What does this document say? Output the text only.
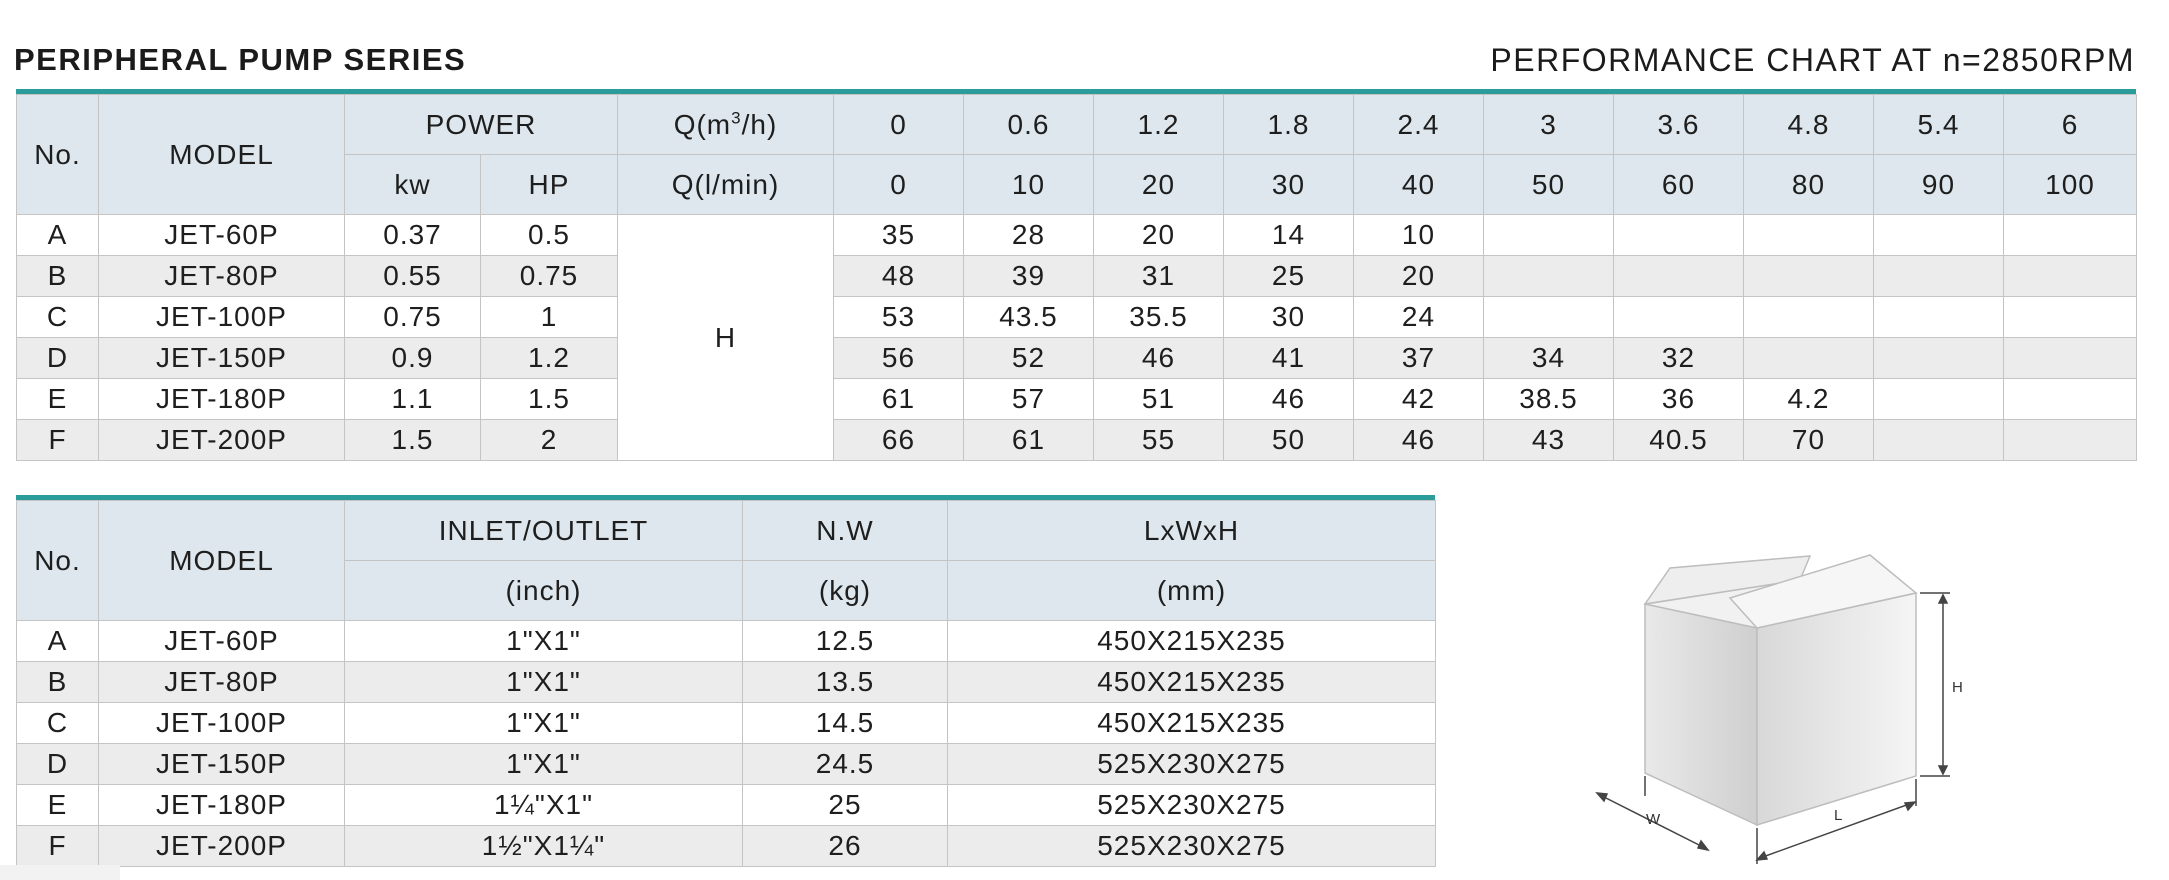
PERIPHERAL PUMP SERIES	PERFORMANCE CHART AT n=2850RPM
No.	MODEL	POWER		$Q(m^3/h)$	0	0.6	1.2	1.8	2.4	3	3.6	4.8	5.4	6
		kw	HP	Q(l/min)	0	10	20	30	40	50	60	80	90	100
A	JET-60P	0.37	0.5	H	35	28	20	14	10					
B	JET-80P	0.55	0.75		48	39	31	25	20					
C	JET-100P	0.75	1		53	43.5	35.5	30	24					
D	JET-150P	0.9	1.2		56	52	46	41	37	34	32			
E	JET-180P	1.1	1.5		61	57	51	46	42	38.5	36	4.2		
F	JET-200P	1.5	2		66	61	55	50	46	43	40.5	70		
No.	MODEL	INLET/OUTLET	N.W	LxWxH
		(inch)	(kg)	(mm)
A	JET-60P	1"X1"	12.5	450X215X235
B	JET-80P	1"X1"	13.5	450X215X235
C	JET-100P	1"X1"	14.5	450X215X235
D	JET-150P	1"X1"	24.5	525X230X275
E	JET-180P	1¼"X1"	25	525X230X275
F	JET-200P	1½"X1¼"	26	525X230X275
H
W	L
